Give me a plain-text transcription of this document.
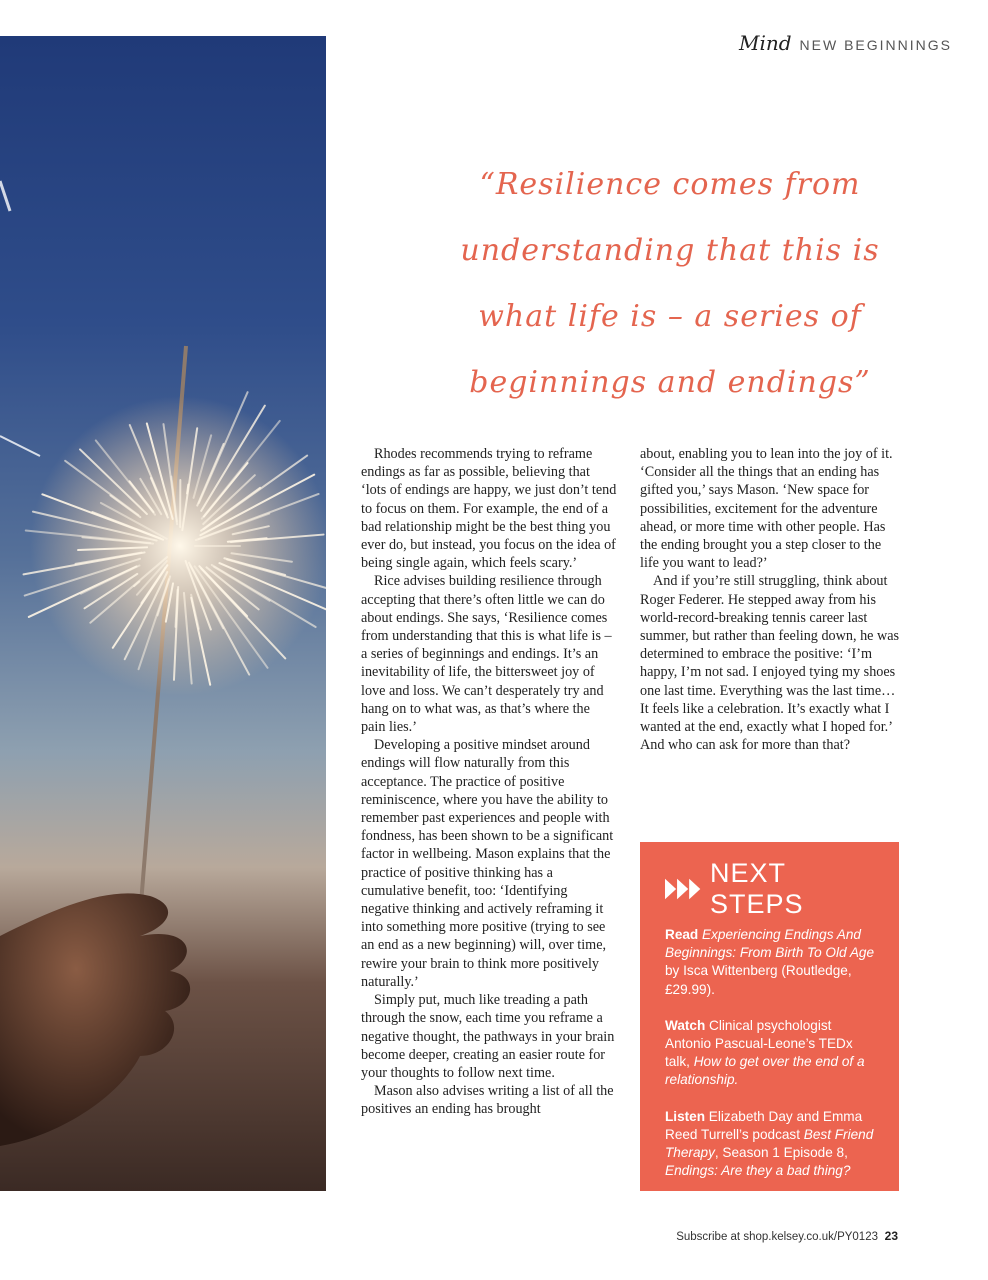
Mind NEW BEGINNINGS
“Resilience comes from
understanding that this is
what life is – a series of
beginnings and endings”

Rhodes recommends trying to reframe endings as far as possible, believing that ‘lots of endings are happy, we just don’t tend to focus on them. For example, the end of a bad relationship might be the best thing you ever do, but instead, you focus on the idea of being single again, which feels scary.’

Rice advises building resilience through accepting that there’s often little we can do about endings. She says, ‘Resilience comes from understanding that this is what life is – a series of beginnings and endings. It’s an inevitability of life, the bittersweet joy of love and loss. We can’t desperately try and hang on to what was, as that’s where the pain lies.’

Developing a positive mindset around endings will flow naturally from this acceptance. The practice of positive reminiscence, where you have the ability to remember past experiences and people with fondness, has been shown to be a significant factor in wellbeing. Mason explains that the practice of positive thinking has a cumulative benefit, too: ‘Identifying negative thinking and actively reframing it into something more positive (trying to see an end as a new beginning) will, over time, rewire your brain to think more positively naturally.’

Simply put, much like treading a path through the snow, each time you reframe a negative thought, the pathways in your brain become deeper, creating an easier route for your thoughts to follow next time.

Mason also advises writing a list of all the positives an ending has brought

about, enabling you to lean into the joy of it. ‘Consider all the things that an ending has gifted you,’ says Mason. ‘New space for possibilities, excitement for the adventure ahead, or more time with other people. Has the ending brought you a step closer to the life you want to lead?’

And if you’re still struggling, think about Roger Federer. He stepped away from his world-record-breaking tennis career last summer, but rather than feeling down, he was determined to embrace the positive: ‘I’m happy, I’m not sad. I enjoyed tying my shoes one last time. Everything was the last time… It feels like a celebration. It’s exactly what I wanted at the end, exactly what I hoped for.’ And who can ask for more than that?

NEXT STEPS
Read Experiencing Endings And Beginnings: From Birth To Old Age by Isca Wittenberg (Routledge, £29.99).
Watch Clinical psychologist Antonio Pascual-Leone’s TEDx talk, How to get over the end of a relationship.
Listen Elizabeth Day and Emma Reed Turrell’s podcast Best Friend Therapy, Season 1 Episode 8, Endings: Are they a bad thing?
Subscribe at shop.kelsey.co.uk/PY0123 23
